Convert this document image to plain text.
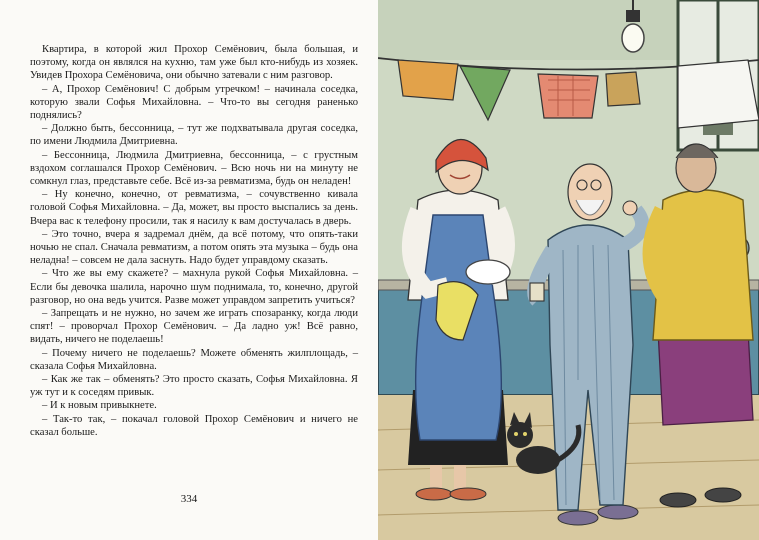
Квартира, в которой жил Прохор Семёнович, была большая, и поэтому, когда он являлся на кухню, там уже был кто-нибудь из хозяек. Увидев Прохора Семёновича, они обычно затевали с ним разговор.

– А, Прохор Семёнович! С добрым утречком! – начинала соседка, которую звали Софья Михайловна. – Что-то вы сегодня раненько поднялись?

– Должно быть, бессонница, – тут же подхватывала другая соседка, по имени Людмила Дмитриевна.

– Бессонница, Людмила Дмитриевна, бессонница, – с грустным вздохом соглашался Прохор Семёнович. – Всю ночь ни на минуту не сомкнул глаз, представьте себе. Всё из-за ревматизма, будь он неладен!

– Ну конечно, конечно, от ревматизма, – сочувственно кивала головой Софья Михайловна. – Да, может, вы просто выспались за день. Вчера вас к телефону просили, так я насилу к вам достучалась в дверь.

– Это точно, вчера я задремал днём, да всё потому, что опять-таки ночью не спал. Сначала ревматизм, а потом опять эта музыка – будь она неладна! – совсем не дала заснуть. Надо будет управдому сказать.

– Что же вы ему скажете? – махнула рукой Софья Михайловна. – Если бы девочка шалила, нарочно шум поднимала, то, конечно, другой разговор, но она ведь учится. Разве может управдом запретить учиться?

– Запрещать и не нужно, но зачем же играть спозаранку, когда люди спят! – проворчал Прохор Семёнович. – Да ладно уж! Всё равно, видать, ничего не поделаешь!

– Почему ничего не поделаешь? Можете обменять жилплощадь, – сказала Софья Михайловна.

– Как же так – обменять? Это просто сказать, Софья Михайловна. Я уж тут и к соседям привык.

– И к новым привыкнете.

– Так-то так, – покачал головой Прохор Семёнович и ничего не сказал больше.

334
